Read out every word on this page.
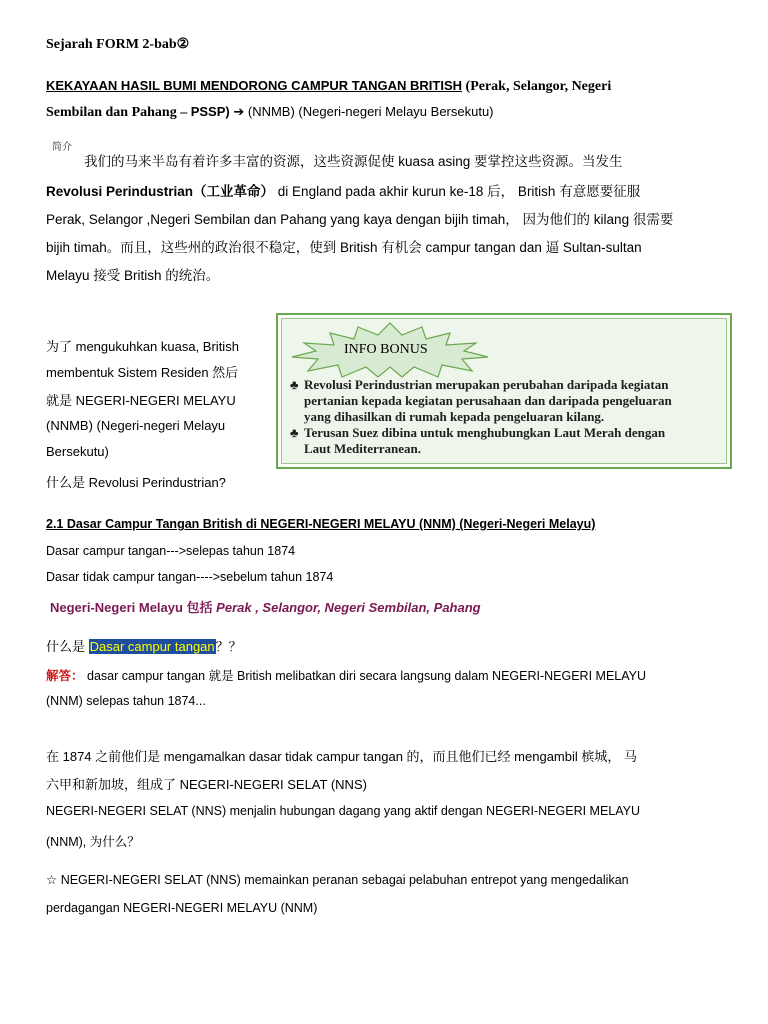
Sejarah FORM 2-bab②
KEKAYAAN HASIL BUMI MENDORONG CAMPUR TANGAN BRITISH (Perak, Selangor, Negeri
Sembilan dan Pahang – PSSP) ➔ (NNMB) (Negeri-negeri Melayu Bersekutu)
简介
我们的马来半岛有着许多丰富的资源，这些资源促使 kuasa asing 要掌控这些资源。当发生
Revolusi Perindustrian（工业革命） di England pada akhir kurun ke-18 后， British 有意愿要征服
Perak, Selangor ,Negeri Sembilan dan Pahang yang kaya dengan bijih timah， 因为他们的 kilang 很需要
bijih timah。而且，这些州的政治很不稳定，使到 British 有机会 campur tangan dan 逼 Sultan-sultan
Melayu 接受 British 的统治。
为了 mengukuhkan kuasa, British
membentuk Sistem Residen 然后
就是 NEGERI-NEGERI MELAYU
(NNMB) (Negeri-negeri Melayu
Bersekutu)
什么是 Revolusi Perindustrian?
INFO BONUS
♣ Revolusi Perindustrian merupakan perubahan daripada kegiatan
pertanian kepada kegiatan perusahaan dan daripada pengeluaran
yang dihasilkan di rumah kepada pengeluaran kilang.
♣ Terusan Suez dibina untuk menghubungkan Laut Merah dengan
Laut Mediterranean.
2.1 Dasar Campur Tangan British di NEGERI-NEGERI MELAYU (NNM) (Negeri-Negeri Melayu)
Dasar campur tangan--->selepas tahun 1874
Dasar tidak campur tangan---->sebelum tahun 1874
Negeri-Negeri Melayu 包括 Perak , Selangor, Negeri Sembilan, Pahang
什么是 Dasar campur tangan？？
解答： dasar campur tangan 就是 British melibatkan diri secara langsung dalam NEGERI-NEGERI MELAYU
(NNM) selepas tahun 1874...
在 1874 之前他们是 mengamalkan dasar tidak campur tangan 的，而且他们已经 mengambil 槟城， 马
六甲和新加坡，组成了 NEGERI-NEGERI SELAT (NNS)
NEGERI-NEGERI SELAT (NNS) menjalin hubungan dagang yang aktif dengan NEGERI-NEGERI MELAYU
(NNM), 为什么？
☆ NEGERI-NEGERI SELAT (NNS) memainkan peranan sebagai pelabuhan entrepot yang mengedalikan
perdagangan NEGERI-NEGERI MELAYU (NNM)
